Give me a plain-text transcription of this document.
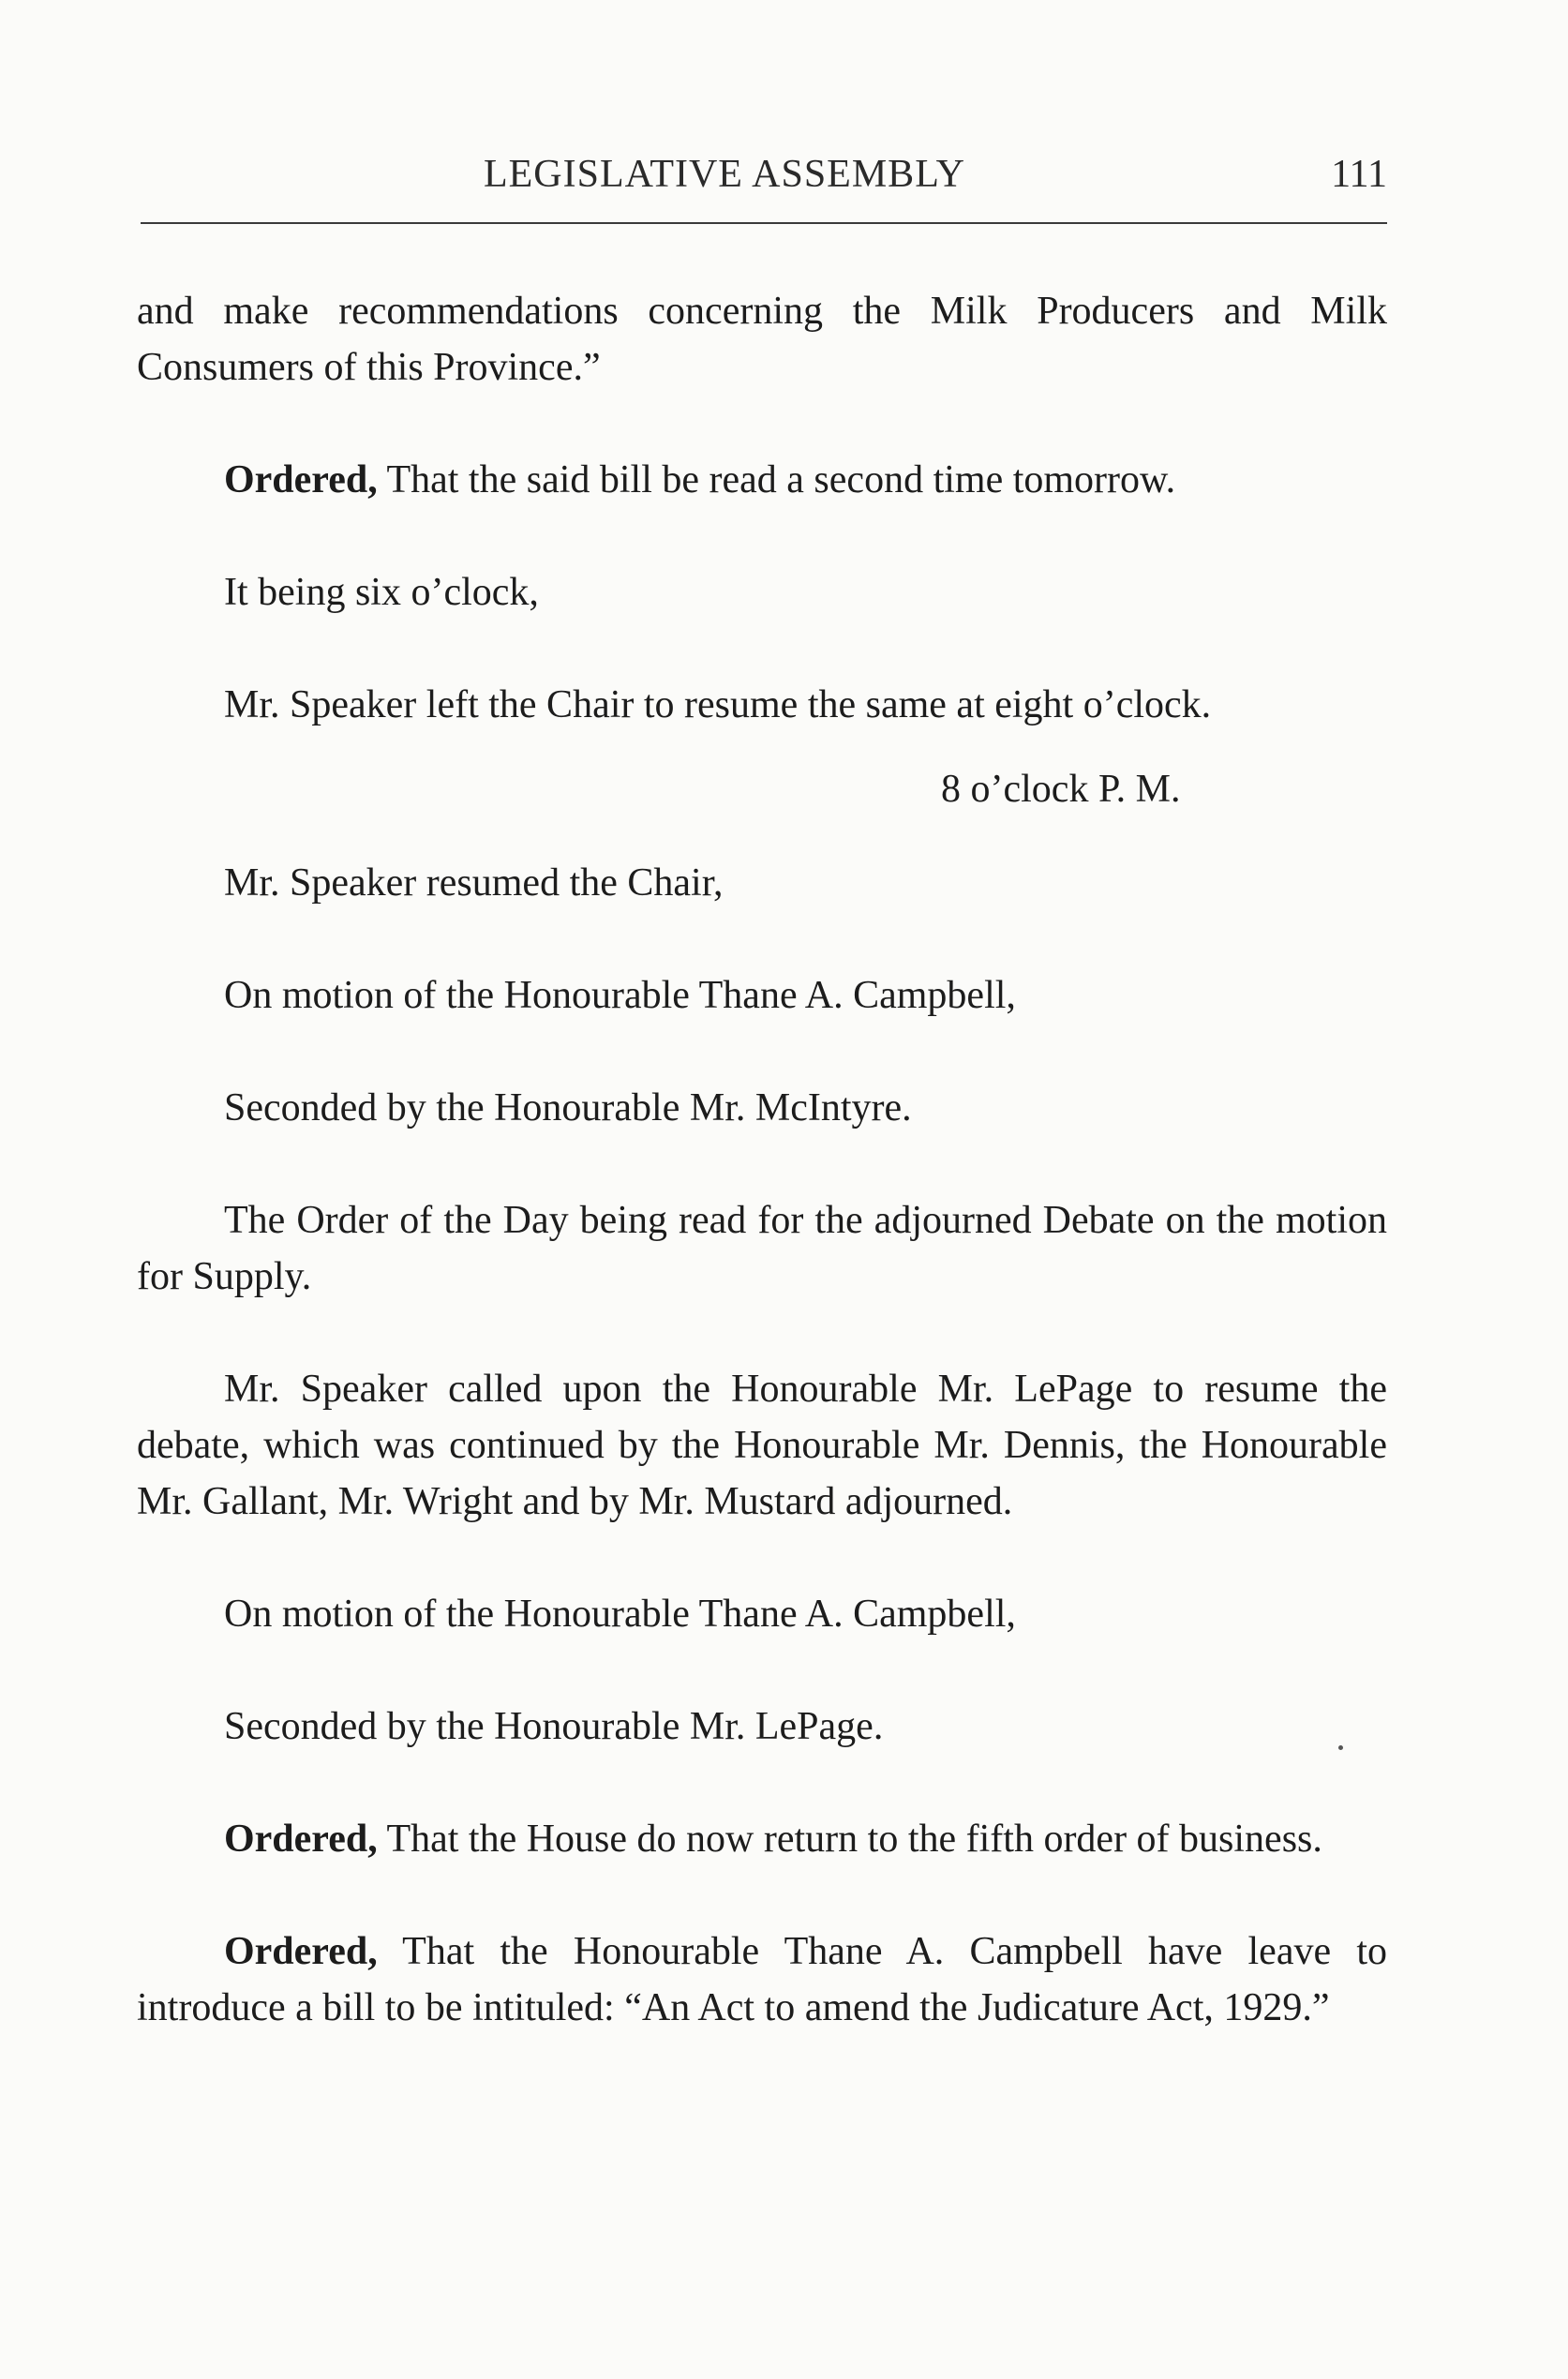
LEGISLATIVE ASSEMBLY	111

and make recommendations concerning the Milk Producers and Milk Consumers of this Province.”

Ordered, That the said bill be read a second time tomorrow.

It being six o’clock,

Mr. Speaker left the Chair to resume the same at eight o’clock.

8 o’clock P. M.

Mr. Speaker resumed the Chair,

On motion of the Honourable Thane A. Campbell,

Seconded by the Honourable Mr. McIntyre.

The Order of the Day being read for the adjourned Debate on the motion for Supply.

Mr. Speaker called upon the Honourable Mr. LePage to resume the debate, which was continued by the Honourable Mr. Dennis, the Honourable Mr. Gallant, Mr. Wright and by Mr. Mustard adjourned.

On motion of the Honourable Thane A. Campbell,

Seconded by the Honourable Mr. LePage.

Ordered, That the House do now return to the fifth order of business.

Ordered, That the Honourable Thane A. Campbell have leave to introduce a bill to be intituled: “An Act to amend the Judicature Act, 1929.”
